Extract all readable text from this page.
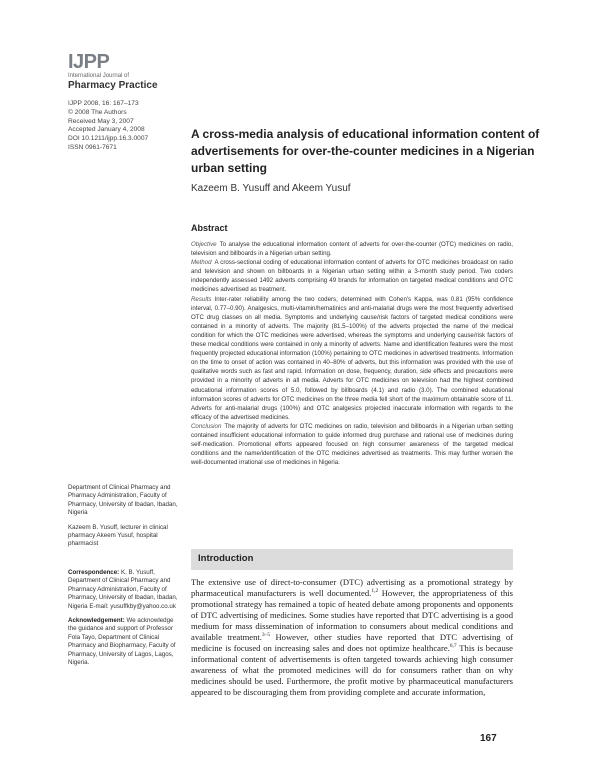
IJPP
International Journal of
Pharmacy Practice
IJPP 2008, 16: 167–173
© 2008 The Authors
Received May 3, 2007
Accepted January 4, 2008
DOI 10.1211/ijpp.16.3.0007
ISSN 0961-7671
A cross-media analysis of educational information content of advertisements for over-the-counter medicines in a Nigerian urban setting
Kazeem B. Yusuff and Akeem Yusuf
Abstract

Objective To analyse the educational information content of adverts for over-the-counter (OTC) medicines on radio, television and billboards in a Nigerian urban setting.

Method A cross-sectional coding of educational information content of adverts for OTC medicines broadcast on radio and television and shown on billboards in a Nigerian urban setting within a 3-month study period. Two coders independently assessed 1492 adverts comprising 49 brands for information on targeted medical conditions and OTC medicines advertised as treatment.

Results Inter-rater reliability among the two coders, determined with Cohen's Kappa, was 0.81 (95% confidence interval, 0.77–0.90). Analgesics, multi-vitamin/hematinics and anti-malarial drugs were the most frequently advertised OTC drug classes on all media. Symptoms and underlying cause/risk factors of targeted medical conditions were contained in a minority of adverts. The majority (81.5–100%) of the adverts projected the name of the medical condition for which the OTC medicines were advertised, whereas the symptoms and underlying cause/risk factors of these medical conditions were contained in only a minority of adverts. Name and identification features were the most frequently projected educational information (100%) pertaining to OTC medicines in advertised treatments. Information on the time to onset of action was contained in 40–80% of adverts, but this information was provided with the use of qualitative words such as fast and rapid. Information on dose, frequency, duration, side effects and precautions were provided in a minority of adverts in all media. Adverts for OTC medicines on television had the highest combined educational information scores of 5.0, followed by billboards (4.1) and radio (3.0). The combined educational information scores of adverts for OTC medicines on the three media fell short of the maximum obtainable score of 11. Adverts for anti-malarial drugs (100%) and OTC analgesics projected inaccurate information with regards to the efficacy of the advertised medicines.

Conclusion The majority of adverts for OTC medicines on radio, television and billboards in a Nigerian urban setting contained insufficient educational information to guide informed drug purchase and rational use of medicines during self-medication. Promotional efforts appeared focused on high consumer awareness of the targeted medical conditions and the name/identification of the OTC medicines advertised as treatments. This may further worsen the well-documented irrational use of medicines in Nigeria.

Department of Clinical Pharmacy and Pharmacy Administration, Faculty of Pharmacy, University of Ibadan, Ibadan, Nigeria

Kazeem B. Yusuff, lecturer in clinical pharmacy Akeem Yusuf, hospital pharmacist

Correspondence: K. B. Yusuff, Department of Clinical Pharmacy and Pharmacy Administration, Faculty of Pharmacy, University of Ibadan, Ibadan, Nigeria E-mail: yusuffkby@yahoo.co.uk

Acknowledgement: We acknowledge the guidance and support of Professor Fola Tayo, Department of Clinical Pharmacy and Biopharmacy, Faculty of Pharmacy, University of Lagos, Lagos, Nigeria.

Introduction
The extensive use of direct-to-consumer (DTC) advertising as a promotional strategy by pharmaceutical manufacturers is well documented.$^{1,2}$ However, the appropriateness of this promotional strategy has remained a topic of heated debate among proponents and opponents of DTC advertising of medicines. Some studies have reported that DTC advertising is a good medium for mass dissemination of information to consumers about medical conditions and available treatment.$^{3-5}$ However, other studies have reported that DTC advertising of medicine is focused on increasing sales and does not optimize healthcare.$^{6,7}$ This is because informational content of advertisements is often targeted towards achieving high consumer awareness of what the promoted medicines will do for consumers rather than on why medicines should be used. Furthermore, the profit motive by pharmaceutical manufacturers appeared to be discouraging them from providing complete and accurate information,
167
